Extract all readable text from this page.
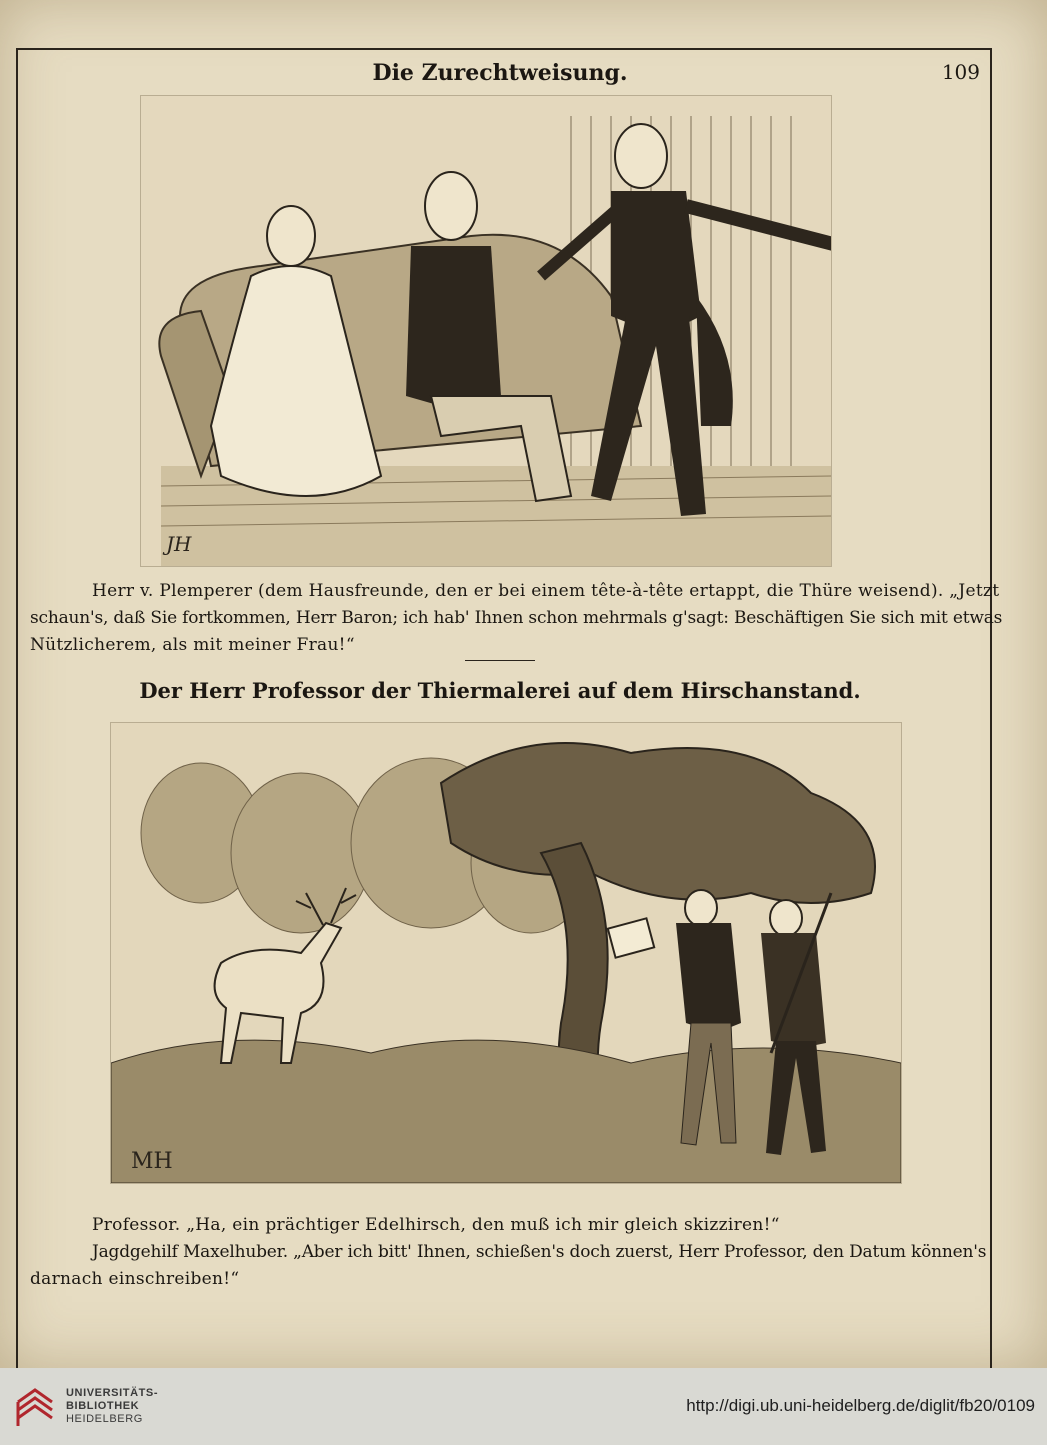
Die Zurechtweisung.	109
JH
Herr v. Plemperer (dem Hausfreunde, den er bei einem tête-à-tête ertappt, die Thüre weisend). „Jetzt
schaun's, daß Sie fortkommen, Herr Baron; ich hab' Ihnen schon mehrmals g'sagt: Beschäftigen Sie sich mit etwas
Nützlicherem, als mit meiner Frau!“
Der Herr Professor der Thiermalerei auf dem Hirschanstand.
MH
Professor. „Ha, ein prächtiger Edelhirsch, den muß ich mir gleich skizziren!“
Jagdgehilf Maxelhuber. „Aber ich bitt' Ihnen, schießen's doch zuerst, Herr Professor, den Datum können's
darnach einschreiben!“
UNIVERSITÄTS-
BIBLIOTHEK
HEIDELBERG
http://digi.ub.uni-heidelberg.de/diglit/fb20/0109
